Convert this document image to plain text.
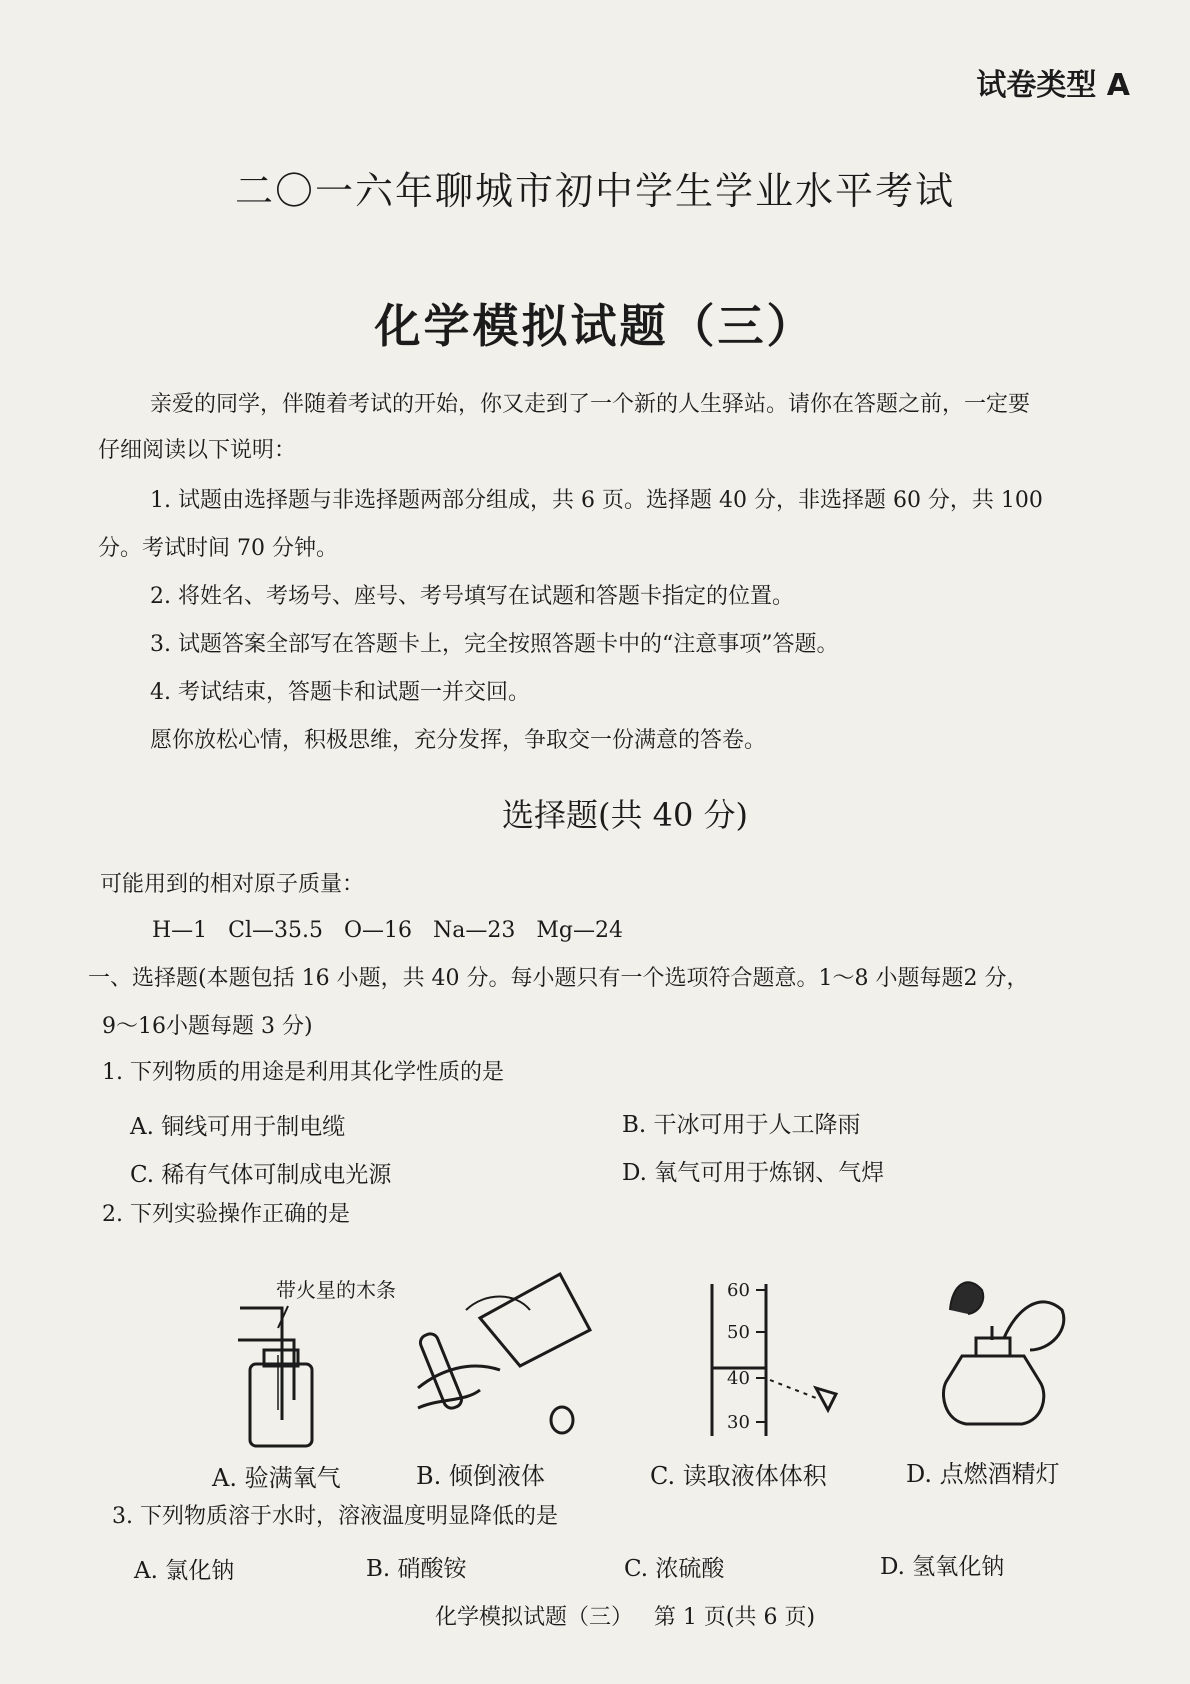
试卷类型 A
二〇一六年聊城市初中学生学业水平考试
化学模拟试题（三）
亲爱的同学，伴随着考试的开始，你又走到了一个新的人生驿站。请你在答题之前，一定要
仔细阅读以下说明：
1. 试题由选择题与非选择题两部分组成，共 6 页。选择题 40 分，非选择题 60 分，共 100
分。考试时间 70 分钟。
2. 将姓名、考场号、座号、考号填写在试题和答题卡指定的位置。
3. 试题答案全部写在答题卡上，完全按照答题卡中的“注意事项”答题。
4. 考试结束，答题卡和试题一并交回。
愿你放松心情，积极思维，充分发挥，争取交一份满意的答卷。
选择题(共 40 分)
可能用到的相对原子质量：
H—1   Cl—35.5   O—16   Na—23   Mg—24
一、选择题(本题包括 16 小题，共 40 分。每小题只有一个选项符合题意。1～8 小题每题2 分，
9～16小题每题 3 分)
1. 下列物质的用途是利用其化学性质的是
A. 铜线可用于制电缆	B. 干冰可用于人工降雨
C. 稀有气体可制成电光源	D. 氧气可用于炼钢、气焊
2. 下列实验操作正确的是
带火星的木条	60
50
40
30
A. 验满氧气	B. 倾倒液体	C. 读取液体体积	D. 点燃酒精灯
3. 下列物质溶于水时，溶液温度明显降低的是
A. 氯化钠	B. 硝酸铵	C. 浓硫酸	D. 氢氧化钠
化学模拟试题（三）   第 1 页(共 6 页)
